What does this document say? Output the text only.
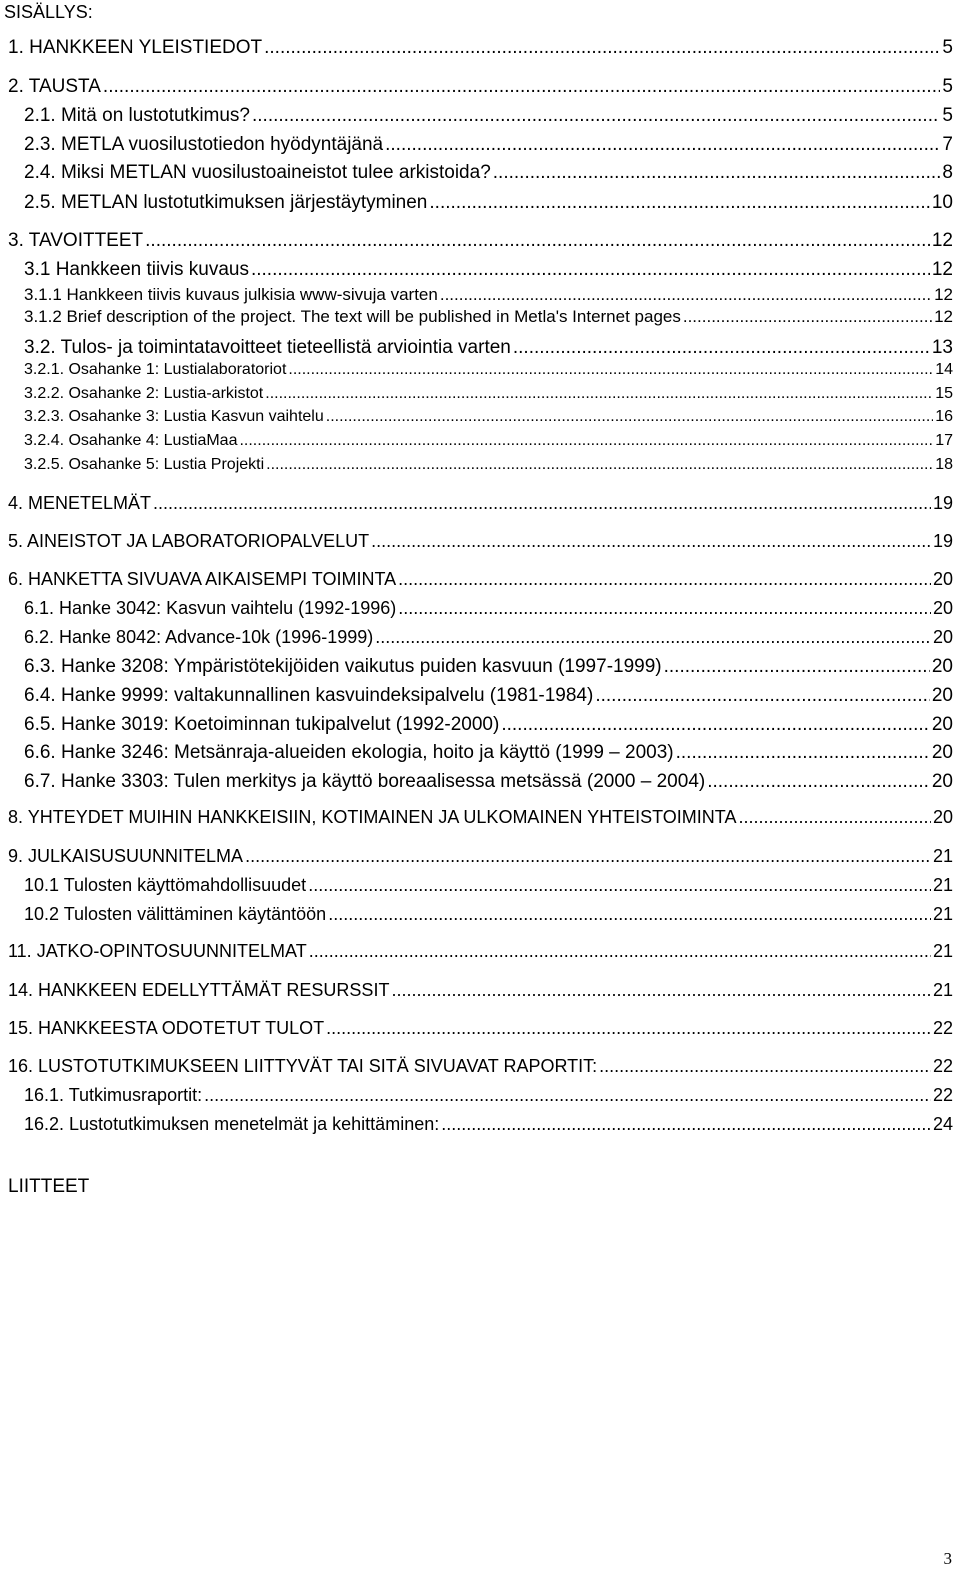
SISÄLLYS:
1. HANKKEEN YLEISTIEDOT .....	5
2. TAUSTA .....	5
2.1. Mitä on lustotutkimus? .....	5
2.3. METLA vuosilustotiedon hyödyntäjänä .....	7
2.4. Miksi METLAN vuosilustoaineistot tulee arkistoida? .....	8
2.5. METLAN lustotutkimuksen järjestäytyminen .....	10
3. TAVOITTEET .....	12
3.1 Hankkeen tiivis kuvaus .....	12
3.1.1 Hankkeen tiivis kuvaus julkisia www-sivuja varten .....	12
3.1.2 Brief description of the project. The text will be published in Metla's Internet pages .....	12
3.2. Tulos- ja toimintatavoitteet tieteellistä arviointia varten .....	13
3.2.1. Osahanke 1: Lustialaboratoriot .....	14
3.2.2. Osahanke 2: Lustia-arkistot .....	15
3.2.3. Osahanke 3: Lustia Kasvun vaihtelu .....	16
3.2.4. Osahanke 4: LustiaMaa .....	17
3.2.5. Osahanke 5: Lustia Projekti .....	18
4. MENETELMÄT .....	19
5. AINEISTOT JA LABORATORIOPALVELUT .....	19
6. HANKETTA SIVUAVA AIKAISEMPI TOIMINTA .....	20
6.1. Hanke 3042: Kasvun vaihtelu (1992-1996) .....	20
6.2. Hanke 8042: Advance-10k (1996-1999) .....	20
6.3. Hanke 3208: Ympäristötekijöiden vaikutus puiden kasvuun (1997-1999) .....	20
6.4. Hanke 9999: valtakunnallinen kasvuindeksipalvelu (1981-1984) .....	20
6.5. Hanke 3019: Koetoiminnan tukipalvelut (1992-2000) .....	20
6.6. Hanke 3246: Metsänraja-alueiden ekologia, hoito ja käyttö (1999 – 2003) .....	20
6.7. Hanke 3303: Tulen merkitys ja käyttö boreaalisessa metsässä (2000 – 2004) .....	20
8. YHTEYDET MUIHIN HANKKEISIIN, KOTIMAINEN JA ULKOMAINEN YHTEISTOIMINTA .....	20
9. JULKAISUSUUNNITELMA .....	21
10.1 Tulosten käyttömahdollisuudet .....	21
10.2 Tulosten välittäminen käytäntöön .....	21
11. JATKO-OPINTOSUUNNITELMAT .....	21
14. HANKKEEN EDELLYTTÄMÄT RESURSSIT .....	21
15. HANKKEESTA ODOTETUT TULOT .....	22
16. LUSTOTUTKIMUKSEEN LIITTYVÄT TAI SITÄ SIVUAVAT RAPORTIT: .....	22
16.1. Tutkimusraportit: .....	22
16.2. Lustotutkimuksen menetelmät ja kehittäminen: .....	24
LIITTEET
3
